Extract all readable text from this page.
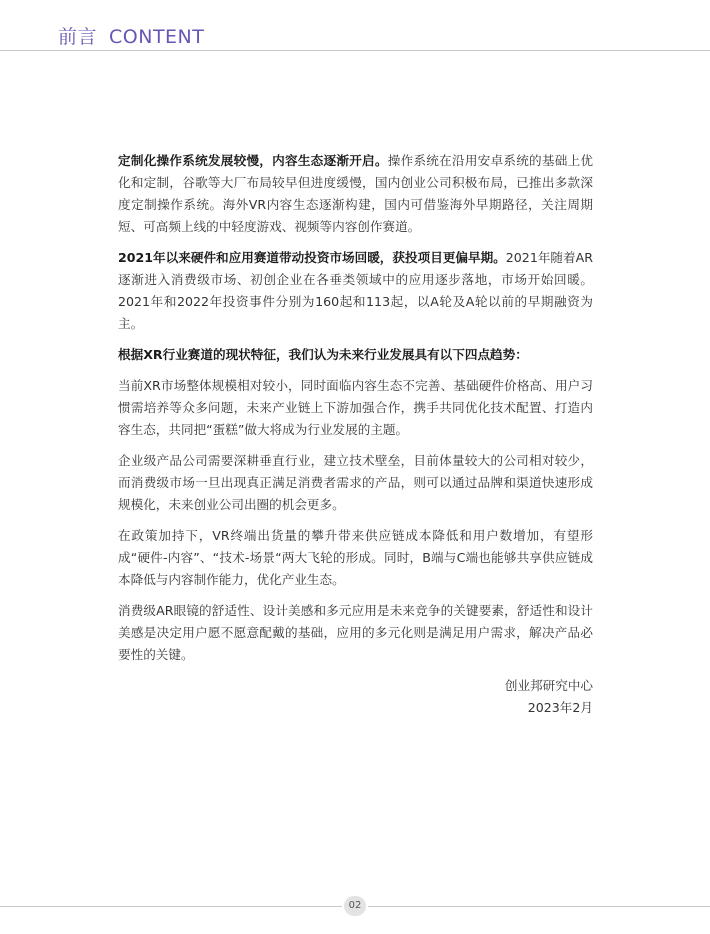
前言 CONTENT

定制化操作系统发展较慢，内容生态逐渐开启。操作系统在沿用安卓系统的基础上优化和定制，谷歌等大厂布局较早但进度缓慢，国内创业公司积极布局，已推出多款深度定制操作系统。海外VR内容生态逐渐构建，国内可借鉴海外早期路径，关注周期短、可高频上线的中轻度游戏、视频等内容创作赛道。

2021年以来硬件和应用赛道带动投资市场回暖，获投项目更偏早期。2021年随着AR逐渐进入消费级市场、初创企业在各垂类领域中的应用逐步落地，市场开始回暖。2021年和2022年投资事件分别为160起和113起，以A轮及A轮以前的早期融资为主。

根据XR行业赛道的现状特征，我们认为未来行业发展具有以下四点趋势：

当前XR市场整体规模相对较小，同时面临内容生态不完善、基础硬件价格高、用户习惯需培养等众多问题，未来产业链上下游加强合作，携手共同优化技术配置、打造内容生态，共同把“蛋糕”做大将成为行业发展的主题。

企业级产品公司需要深耕垂直行业，建立技术壁垒，目前体量较大的公司相对较少，而消费级市场一旦出现真正满足消费者需求的产品，则可以通过品牌和渠道快速形成规模化，未来创业公司出圈的机会更多。

在政策加持下，VR终端出货量的攀升带来供应链成本降低和用户数增加，有望形成“硬件-内容”、“技术-场景“两大飞轮的形成。同时，B端与C端也能够共享供应链成本降低与内容制作能力，优化产业生态。

消费级AR眼镜的舒适性、设计美感和多元应用是未来竞争的关键要素，舒适性和设计美感是决定用户愿不愿意配戴的基础，应用的多元化则是满足用户需求，解决产品必要性的关键。

创业邦研究中心
2023年2月
02
